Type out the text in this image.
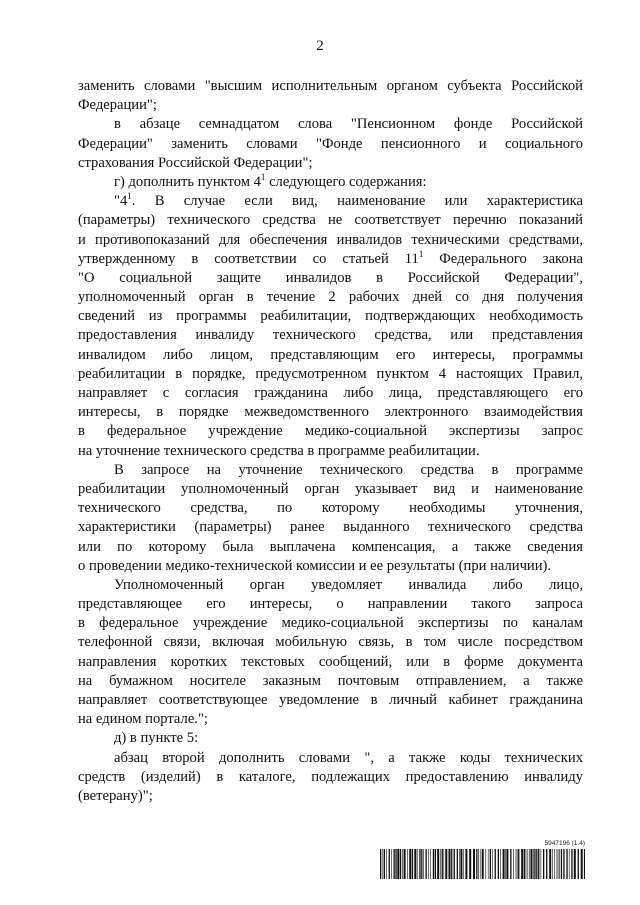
2
заменить словами "высшим исполнительным органом субъекта Российской
Федерации";
в абзаце семнадцатом слова "Пенсионном фонде Российской
Федерации" заменить словами "Фонде пенсионного и социального
страхования Российской Федерации";
г) дополнить пунктом $4^1$ следующего содержания:
"$4^1$. В случае если вид, наименование или характеристика
(параметры) технического средства не соответствует перечню показаний
и противопоказаний для обеспечения инвалидов техническими средствами,
утвержденному в соответствии со статьей $11^1$ Федерального закона
"О социальной защите инвалидов в Российской Федерации",
уполномоченный орган в течение 2 рабочих дней со дня получения
сведений из программы реабилитации, подтверждающих необходимость
предоставления инвалиду технического средства, или представления
инвалидом либо лицом, представляющим его интересы, программы
реабилитации в порядке, предусмотренном пунктом 4 настоящих Правил,
направляет с согласия гражданина либо лица, представляющего его
интересы, в порядке межведомственного электронного взаимодействия
в федеральное учреждение медико-социальной экспертизы запрос
на уточнение технического средства в программе реабилитации.
В запросе на уточнение технического средства в программе
реабилитации уполномоченный орган указывает вид и наименование
технического средства, по которому необходимы уточнения,
характеристики (параметры) ранее выданного технического средства
или по которому была выплачена компенсация, а также сведения
о проведении медико-технической комиссии и ее результаты (при наличии).
Уполномоченный орган уведомляет инвалида либо лицо,
представляющее его интересы, о направлении такого запроса
в федеральное учреждение медико-социальной экспертизы по каналам
телефонной связи, включая мобильную связь, в том числе посредством
направления коротких текстовых сообщений, или в форме документа
на бумажном носителе заказным почтовым отправлением, а также
направляет соответствующее уведомление в личный кабинет гражданина
на едином портале.";
д) в пункте 5:
абзац второй дополнить словами ", а также коды технических
средств (изделий) в каталоге, подлежащих предоставлению инвалиду
(ветерану)";
5947196 (1.4)
